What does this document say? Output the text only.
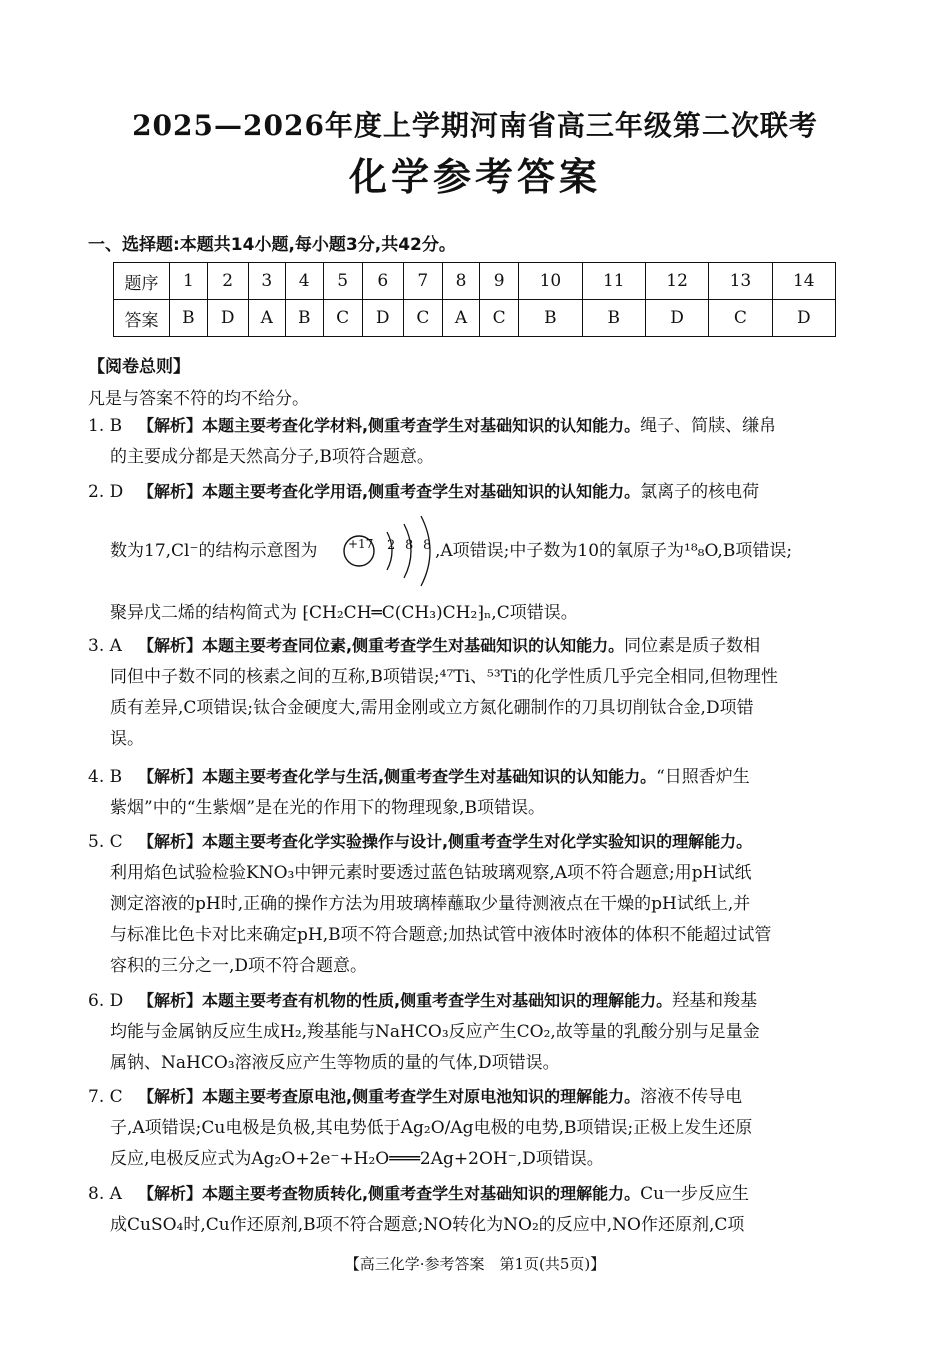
2025—2026年度上学期河南省高三年级第二次联考
化学参考答案
一、选择题:本题共14小题,每小题3分,共42分。
题序	1	2	3	4	5	6	7	8	9	10	11	12	13	14
答案	B	D	A	B	C	D	C	A	C	B	B	D	C	D
【阅卷总则】
凡是与答案不符的均不给分。
1. B 【解析】本题主要考查化学材料,侧重考查学生对基础知识的认知能力。绳子、简牍、缣帛
的主要成分都是天然高分子,B项符合题意。
2. D 【解析】本题主要考查化学用语,侧重考查学生对基础知识的认知能力。氯离子的核电荷
数为17,Cl⁻的结构示意图为	+17 2 8 8 ,A项错误;中子数为10的氧原子为¹⁸₈O,B项错误;
聚异戊二烯的结构简式为 ⁅CH₂CH═C(CH₃)CH₂⁆ₙ,C项错误。
3. A 【解析】本题主要考查同位素,侧重考查学生对基础知识的认知能力。同位素是质子数相
同但中子数不同的核素之间的互称,B项错误;⁴⁷Ti、⁵³Ti的化学性质几乎完全相同,但物理性
质有差异,C项错误;钛合金硬度大,需用金刚或立方氮化硼制作的刀具切削钛合金,D项错
误。
4. B 【解析】本题主要考查化学与生活,侧重考查学生对基础知识的认知能力。“日照香炉生
紫烟”中的“生紫烟”是在光的作用下的物理现象,B项错误。
5. C 【解析】本题主要考查化学实验操作与设计,侧重考查学生对化学实验知识的理解能力。
利用焰色试验检验KNO₃中钾元素时要透过蓝色钴玻璃观察,A项不符合题意;用pH试纸
测定溶液的pH时,正确的操作方法为用玻璃棒蘸取少量待测液点在干燥的pH试纸上,并
与标准比色卡对比来确定pH,B项不符合题意;加热试管中液体时液体的体积不能超过试管
容积的三分之一,D项不符合题意。
6. D 【解析】本题主要考查有机物的性质,侧重考查学生对基础知识的理解能力。羟基和羧基
均能与金属钠反应生成H₂,羧基能与NaHCO₃反应产生CO₂,故等量的乳酸分别与足量金
属钠、NaHCO₃溶液反应产生等物质的量的气体,D项错误。
7. C 【解析】本题主要考查原电池,侧重考查学生对原电池知识的理解能力。溶液不传导电
子,A项错误;Cu电极是负极,其电势低于Ag₂O/Ag电极的电势,B项错误;正极上发生还原
反应,电极反应式为Ag₂O+2e⁻+H₂O═══2Ag+2OH⁻,D项错误。
8. A 【解析】本题主要考查物质转化,侧重考查学生对基础知识的理解能力。Cu一步反应生
成CuSO₄时,Cu作还原剂,B项不符合题意;NO转化为NO₂的反应中,NO作还原剂,C项
【高三化学·参考答案　第1页(共5页)】
